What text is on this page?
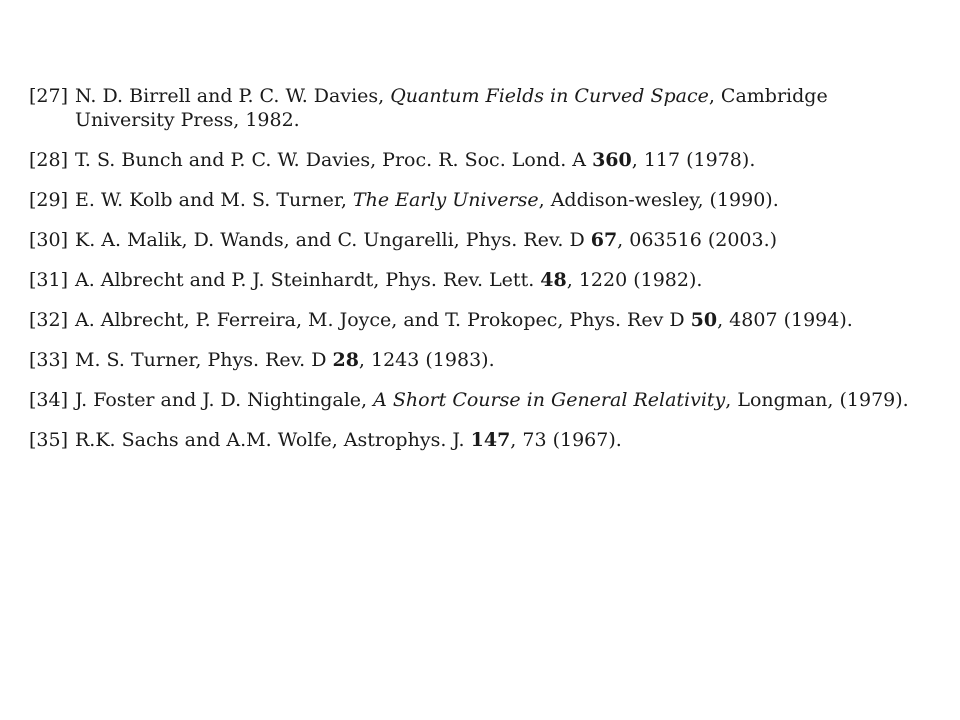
[27] N. D. Birrell and P. C. W. Davies, Quantum Fields in Curved Space, Cambridge University Press, 1982.
[28] T. S. Bunch and P. C. W. Davies, Proc. R. Soc. Lond. A 360, 117 (1978).
[29] E. W. Kolb and M. S. Turner, The Early Universe, Addison-wesley, (1990).
[30] K. A. Malik, D. Wands, and C. Ungarelli, Phys. Rev. D 67, 063516 (2003.)
[31] A. Albrecht and P. J. Steinhardt, Phys. Rev. Lett. 48, 1220 (1982).
[32] A. Albrecht, P. Ferreira, M. Joyce, and T. Prokopec, Phys. Rev D 50, 4807 (1994).
[33] M. S. Turner, Phys. Rev. D 28, 1243 (1983).
[34] J. Foster and J. D. Nightingale, A Short Course in General Relativity, Longman, (1979).
[35] R.K. Sachs and A.M. Wolfe, Astrophys. J. 147, 73 (1967).
